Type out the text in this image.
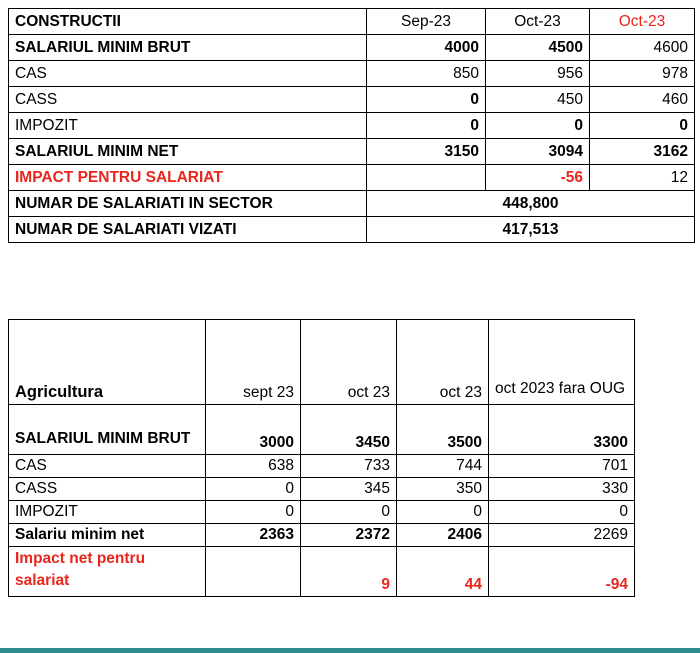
CONSTRUCTII	Sep-23	Oct-23	Oct-23
SALARIUL MINIM BRUT	4000	4500	4600
CAS	850	956	978
CASS	0	450	460
IMPOZIT	0	0	0
SALARIUL MINIM NET	3150	3094	3162
IMPACT PENTRU SALARIAT		-56	12
NUMAR DE SALARIATI IN SECTOR	448,800		
NUMAR DE SALARIATI VIZATI	417,513		
Agricultura	sept 23	oct 23	oct 23	oct 2023 fara OUG
SALARIUL MINIM BRUT	3000	3450	3500	3300
CAS	638	733	744	701
CASS	0	345	350	330
IMPOZIT	0	0	0	0
Salariu minim net	2363	2372	2406	2269
Impact net pentru salariat		9	44	-94
